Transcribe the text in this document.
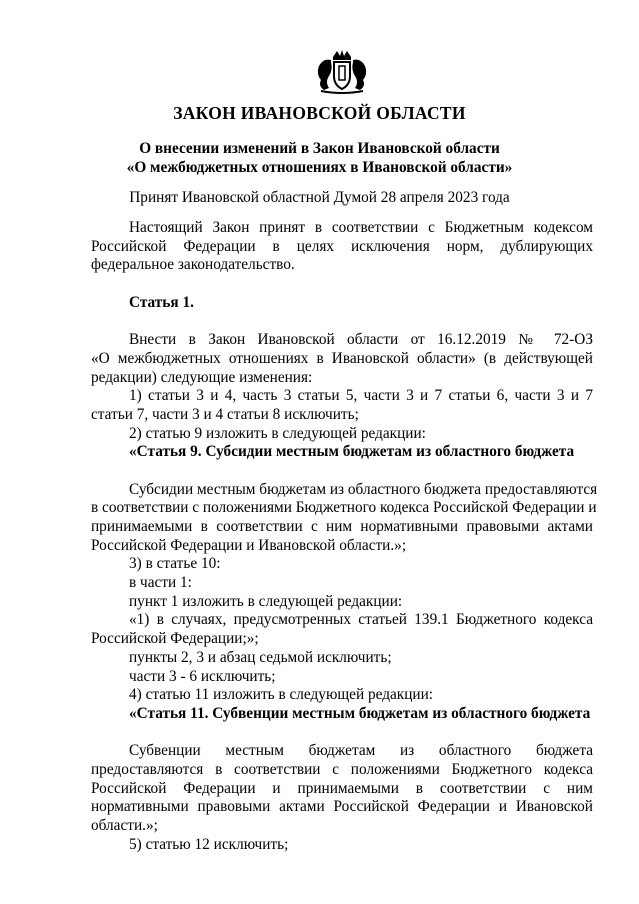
ЗАКОН ИВАНОВСКОЙ ОБЛАСТИ
О внесении изменений в Закон Ивановской области
«О межбюджетных отношениях в Ивановской области»
Принят Ивановской областной Думой 28 апреля 2023 года
Настоящий Закон принят в соответствии с Бюджетным кодексом
Российской Федерации в целях исключения норм, дублирующих
федеральное законодательство.
Статья 1.
Внести в Закон Ивановской области от 16.12.2019 № 72-ОЗ
«О межбюджетных отношениях в Ивановской области» (в действующей
редакции) следующие изменения:
1) статьи 3 и 4, часть 3 статьи 5, части 3 и 7 статьи 6, части 3 и 7
статьи 7, части 3 и 4 статьи 8 исключить;
2) статью 9 изложить в следующей редакции:
«Статья 9. Субсидии местным бюджетам из областного бюджета
Субсидии местным бюджетам из областного бюджета предоставляются
в соответствии с положениями Бюджетного кодекса Российской Федерации и
принимаемыми в соответствии с ним нормативными правовыми актами
Российской Федерации и Ивановской области.»;
3) в статье 10:
в части 1:
пункт 1 изложить в следующей редакции:
«1) в случаях, предусмотренных статьей 139.1 Бюджетного кодекса
Российской Федерации;»;
пункты 2, 3 и абзац седьмой исключить;
части 3 - 6 исключить;
4) статью 11 изложить в следующей редакции:
«Статья 11. Субвенции местным бюджетам из областного бюджета
Субвенции местным бюджетам из областного бюджета
предоставляются в соответствии с положениями Бюджетного кодекса
Российской Федерации и принимаемыми в соответствии с ним
нормативными правовыми актами Российской Федерации и Ивановской
области.»;
5) статью 12 исключить;
